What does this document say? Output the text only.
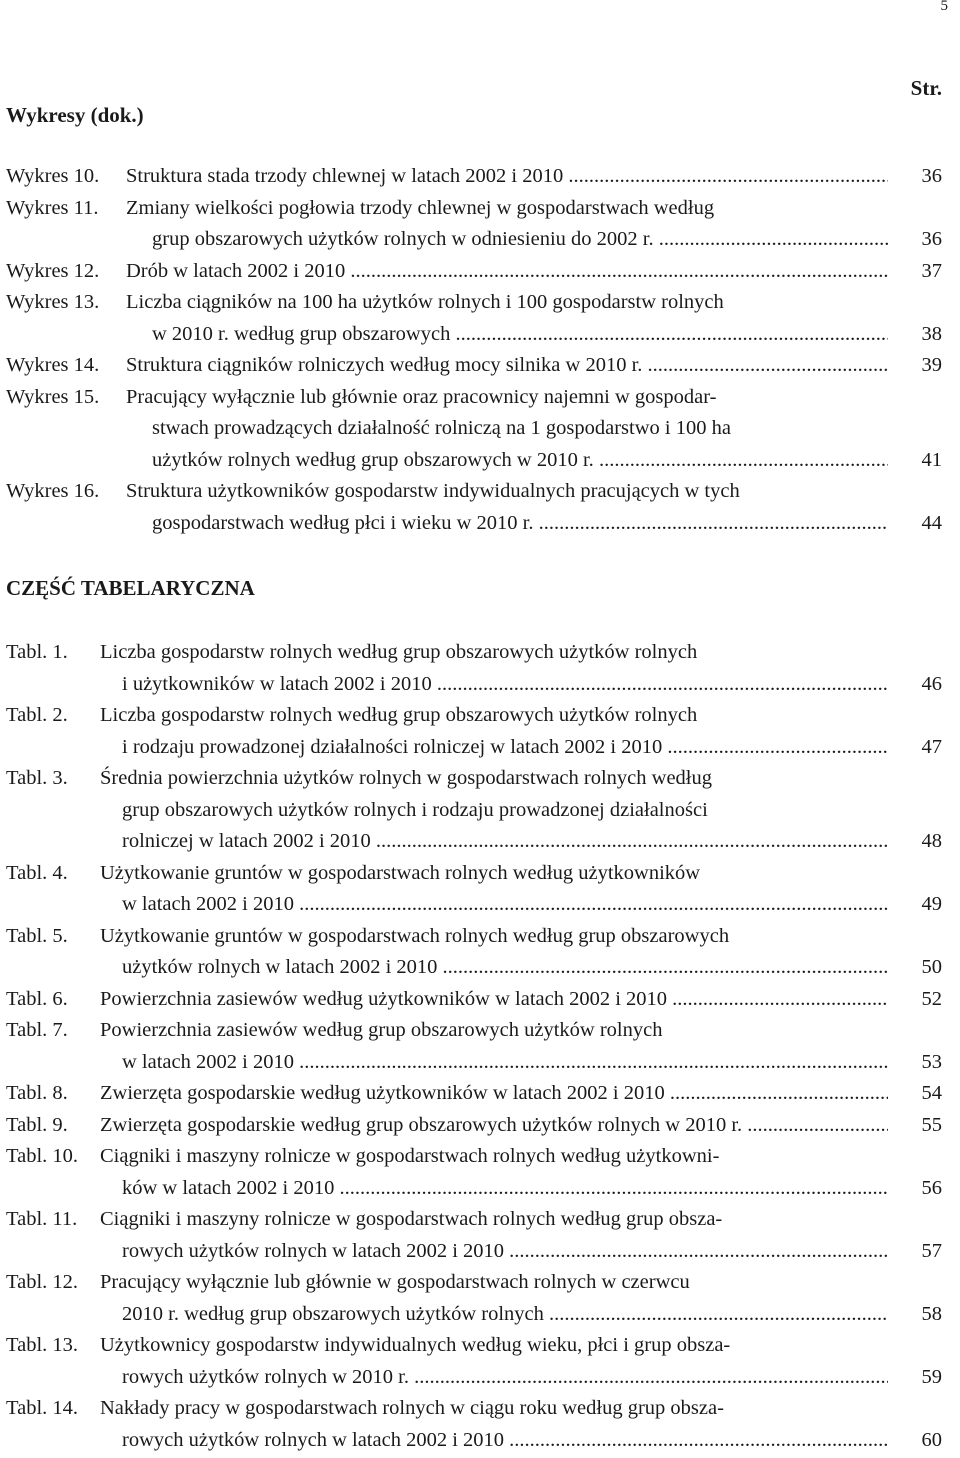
5
Str.
Wykresy (dok.)
Wykres 10. Struktura stada trzody chlewnej w latach 2002 i 2010 .....	36
Wykres 11. Zmiany wielkości pogłowia trzody chlewnej w gospodarstwach według
grup obszarowych użytków rolnych w odniesieniu do 2002 r. .....	36
Wykres 12. Drób w latach 2002 i 2010 .....	37
Wykres 13. Liczba ciągników na 100 ha użytków rolnych i 100 gospodarstw rolnych
w 2010 r. według grup obszarowych .....	38
Wykres 14. Struktura ciągników rolniczych według mocy silnika w 2010 r. .....	39
Wykres 15. Pracujący wyłącznie lub głównie oraz pracownicy najemni w gospodar-
stwach prowadzących działalność rolniczą na 1 gospodarstwo i 100 ha
użytków rolnych według grup obszarowych w 2010 r. .....	41
Wykres 16. Struktura użytkowników gospodarstw indywidualnych pracujących w tych
gospodarstwach według płci i wieku w 2010 r. .....	44
CZĘŚĆ TABELARYCZNA
Tabl. 1. Liczba gospodarstw rolnych według grup obszarowych użytków rolnych
i użytkowników w latach 2002 i 2010 .....	46
Tabl. 2. Liczba gospodarstw rolnych według grup obszarowych użytków rolnych
i rodzaju prowadzonej działalności rolniczej w latach 2002 i 2010 .....	47
Tabl. 3. Średnia powierzchnia użytków rolnych w gospodarstwach rolnych według
grup obszarowych użytków rolnych i rodzaju prowadzonej działalności
rolniczej w latach 2002 i 2010 .....	48
Tabl. 4. Użytkowanie gruntów w gospodarstwach rolnych według użytkowników
w latach 2002 i 2010 .....	49
Tabl. 5. Użytkowanie gruntów w gospodarstwach rolnych według grup obszarowych
użytków rolnych w latach 2002 i 2010 .....	50
Tabl. 6. Powierzchnia zasiewów według użytkowników w latach 2002 i 2010 .....	52
Tabl. 7. Powierzchnia zasiewów według grup obszarowych użytków rolnych
w latach 2002 i 2010 .....	53
Tabl. 8. Zwierzęta gospodarskie według użytkowników w latach 2002 i 2010 .....	54
Tabl. 9. Zwierzęta gospodarskie według grup obszarowych użytków rolnych w 2010 r. .....	55
Tabl. 10. Ciągniki i maszyny rolnicze w gospodarstwach rolnych według użytkowni-
ków w latach 2002 i 2010 .....	56
Tabl. 11. Ciągniki i maszyny rolnicze w gospodarstwach rolnych według grup obsza-
rowych użytków rolnych w latach 2002 i 2010 .....	57
Tabl. 12. Pracujący wyłącznie lub głównie w gospodarstwach rolnych w czerwcu
2010 r. według grup obszarowych użytków rolnych .....	58
Tabl. 13. Użytkownicy gospodarstw indywidualnych według wieku, płci i grup obsza-
rowych użytków rolnych w 2010 r. .....	59
Tabl. 14. Nakłady pracy w gospodarstwach rolnych w ciągu roku według grup obsza-
rowych użytków rolnych w latach 2002 i 2010 .....	60
